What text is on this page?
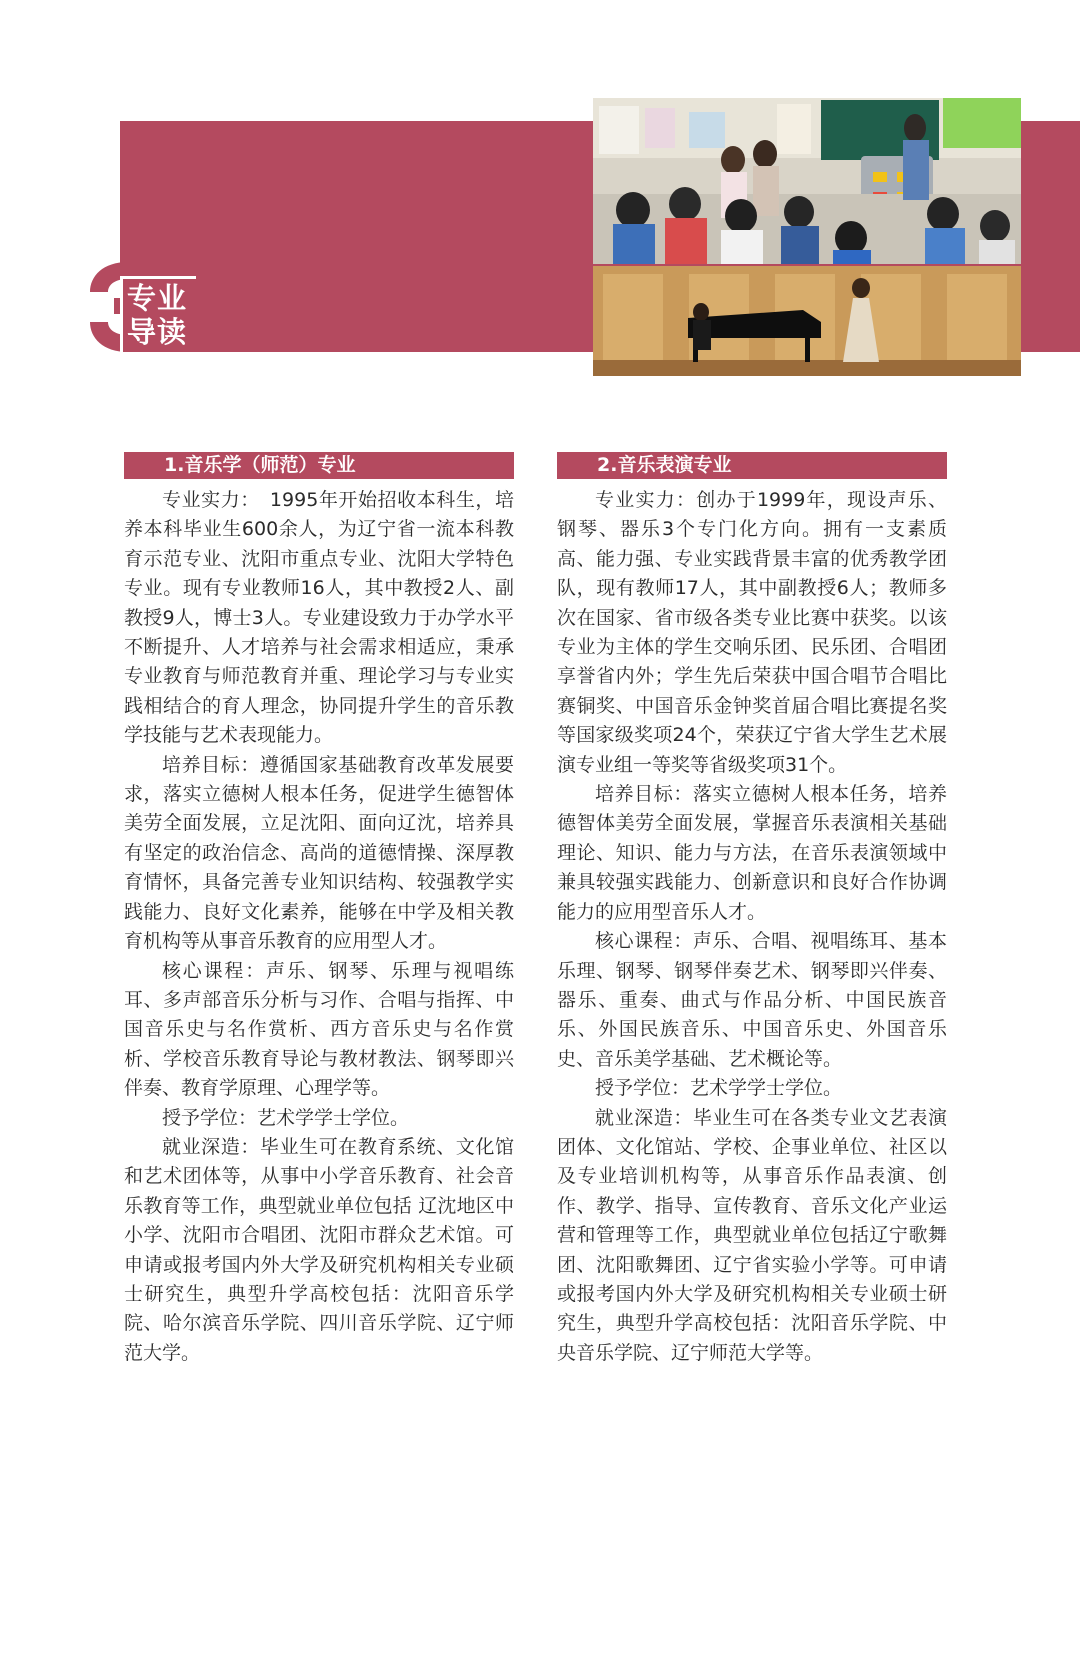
专业
导读
1.音乐学（师范）专业

专业实力：　1995年开始招收本科生，培养本科毕业生600余人，为辽宁省一流本科教育示范专业、沈阳市重点专业、沈阳大学特色专业。现有专业教师16人，其中教授2人、副教授9人，博士3人。专业建设致力于办学水平不断提升、人才培养与社会需求相适应，秉承专业教育与师范教育并重、理论学习与专业实践相结合的育人理念，协同提升学生的音乐教学技能与艺术表现能力。

培养目标：遵循国家基础教育改革发展要求，落实立德树人根本任务，促进学生德智体美劳全面发展，立足沈阳、面向辽沈，培养具有坚定的政治信念、高尚的道德情操、深厚教育情怀，具备完善专业知识结构、较强教学实践能力、良好文化素养，能够在中学及相关教育机构等从事音乐教育的应用型人才。

核心课程：声乐、钢琴、乐理与视唱练耳、多声部音乐分析与习作、合唱与指挥、中国音乐史与名作赏析、西方音乐史与名作赏析、学校音乐教育导论与教材教法、钢琴即兴伴奏、教育学原理、心理学等。

授予学位：艺术学学士学位。

就业深造：毕业生可在教育系统、文化馆和艺术团体等，从事中小学音乐教育、社会音乐教育等工作，典型就业单位包括 辽沈地区中小学、沈阳市合唱团、沈阳市群众艺术馆。可申请或报考国内外大学及研究机构相关专业硕士研究生，典型升学高校包括：沈阳音乐学院、哈尔滨音乐学院、四川音乐学院、辽宁师范大学。

2.音乐表演专业

专业实力：创办于1999年，现设声乐、钢琴、器乐3个专门化方向。拥有一支素质高、能力强、专业实践背景丰富的优秀教学团队，现有教师17人，其中副教授6人；教师多次在国家、省市级各类专业比赛中获奖。以该专业为主体的学生交响乐团、民乐团、合唱团享誉省内外；学生先后荣获中国合唱节合唱比赛铜奖、中国音乐金钟奖首届合唱比赛提名奖等国家级奖项24个，荣获辽宁省大学生艺术展演专业组一等奖等省级奖项31个。

培养目标：落实立德树人根本任务，培养德智体美劳全面发展，掌握音乐表演相关基础理论、知识、能力与方法，在音乐表演领域中兼具较强实践能力、创新意识和良好合作协调能力的应用型音乐人才。

核心课程：声乐、合唱、视唱练耳、基本乐理、钢琴、钢琴伴奏艺术、钢琴即兴伴奏、器乐、重奏、曲式与作品分析、中国民族音乐、外国民族音乐、中国音乐史、外国音乐史、音乐美学基础、艺术概论等。

授予学位：艺术学学士学位。

就业深造：毕业生可在各类专业文艺表演团体、文化馆站、学校、企事业单位、社区以及专业培训机构等，从事音乐作品表演、创作、教学、指导、宣传教育、音乐文化产业运营和管理等工作，典型就业单位包括辽宁歌舞团、沈阳歌舞团、辽宁省实验小学等。可申请或报考国内外大学及研究机构相关专业硕士研究生，典型升学高校包括：沈阳音乐学院、中央音乐学院、辽宁师范大学等。
